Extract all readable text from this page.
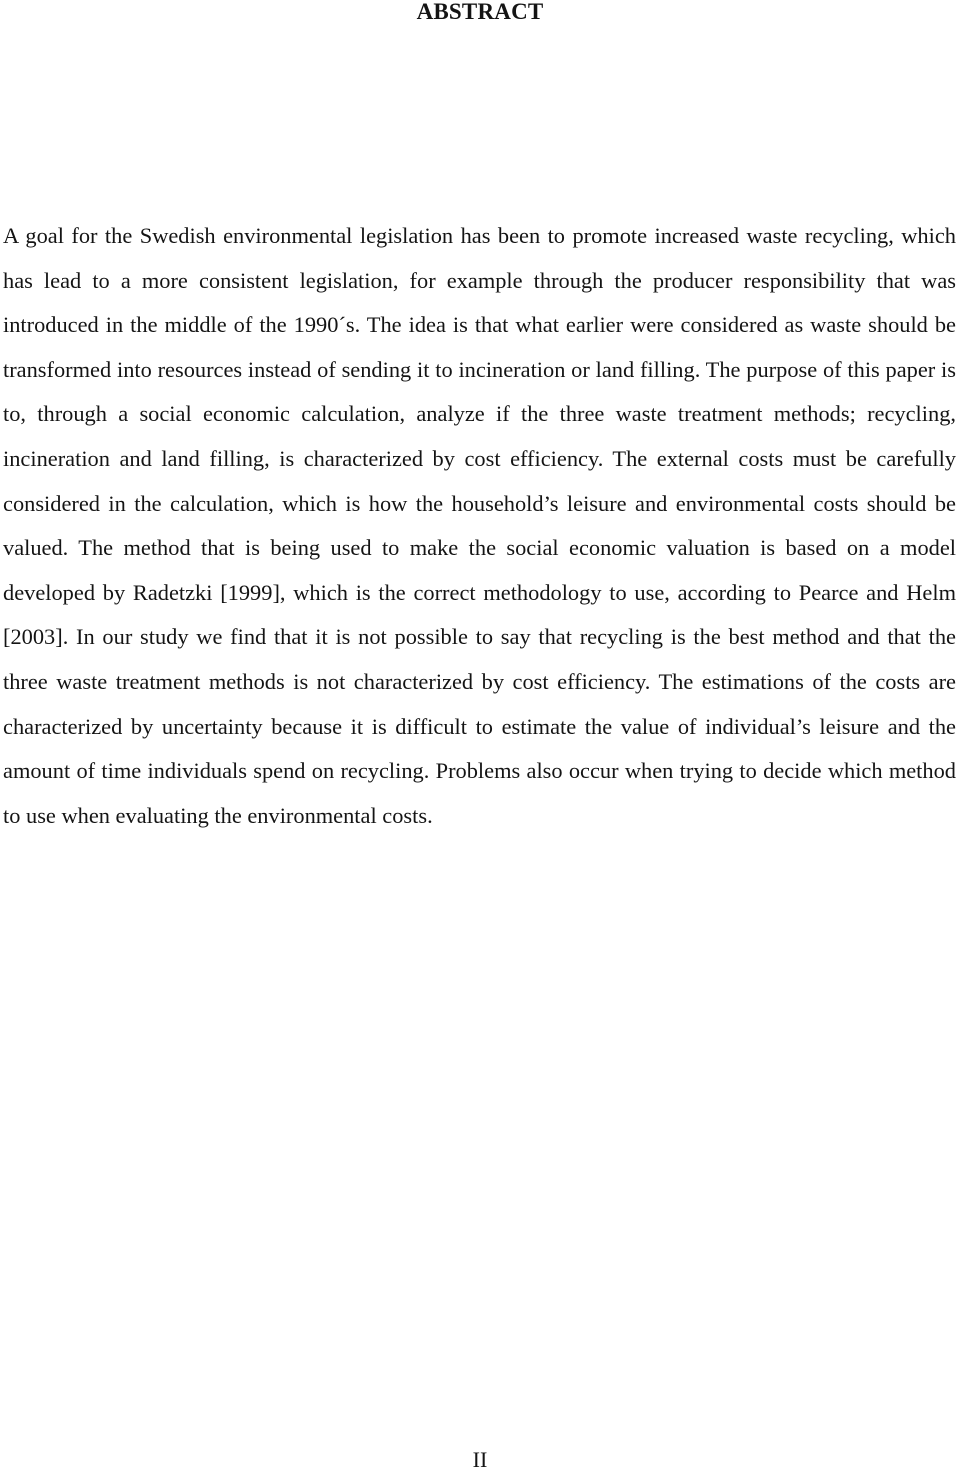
ABSTRACT

A goal for the Swedish environmental legislation has been to promote increased waste recycling, which has lead to a more consistent legislation, for example through the producer responsibility that was introduced in the middle of the 1990´s. The idea is that what earlier were considered as waste should be transformed into resources instead of sending it to incineration or land filling. The purpose of this paper is to, through a social economic calculation, analyze if the three waste treatment methods; recycling, incineration and land filling, is characterized by cost efficiency. The external costs must be carefully considered in the calculation, which is how the household’s leisure and environmental costs should be valued. The method that is being used to make the social economic valuation is based on a model developed by Radetzki [1999], which is the correct methodology to use, according to Pearce and Helm [2003]. In our study we find that it is not possible to say that recycling is the best method and that the three waste treatment methods is not characterized by cost efficiency. The estimations of the costs are characterized by uncertainty because it is difficult to estimate the value of individual’s leisure and the amount of time individuals spend on recycling. Problems also occur when trying to decide which method to use when evaluating the environmental costs.

II
